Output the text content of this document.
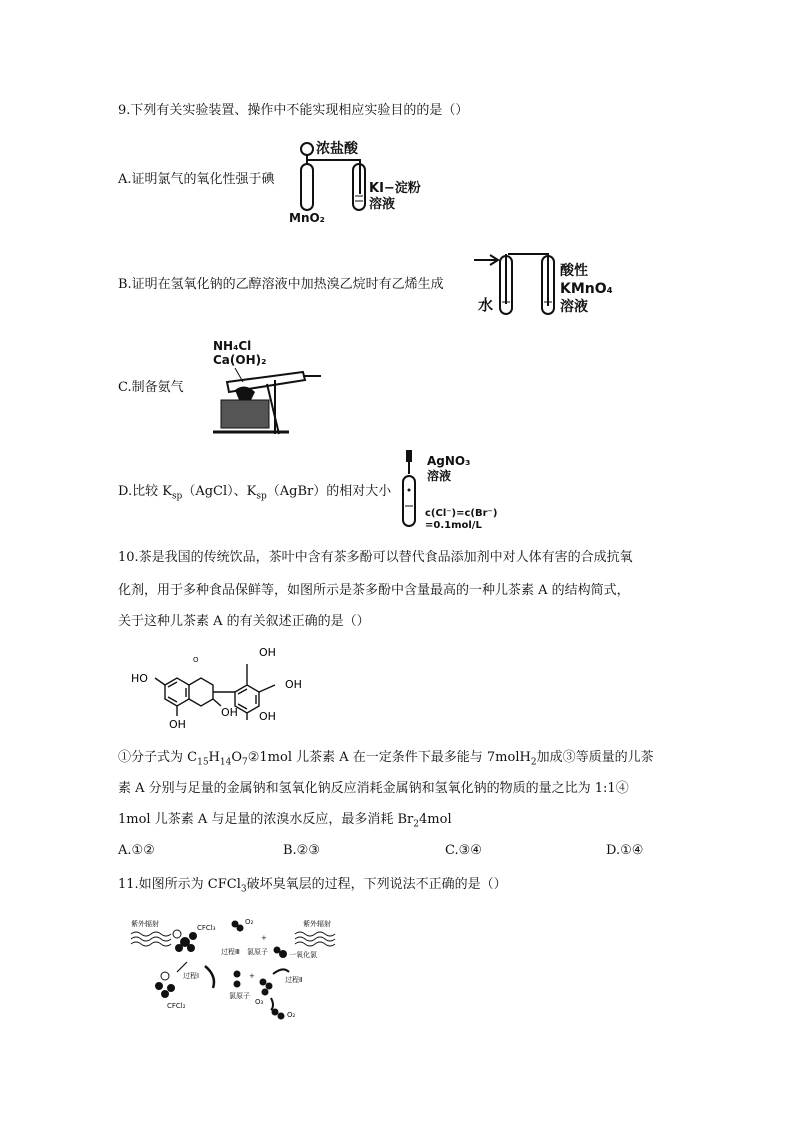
9.下列有关实验装置、操作中不能实现相应实验目的的是（）
A.证明氯气的氧化性强于碘
浓盐酸
MnO₂
KI−淀粉
溶液
B.证明在氢氧化钠的乙醇溶液中加热溴乙烷时有乙烯生成
水
酸性
KMnO₄
溶液
C.制备氨气
NH₄Cl
Ca(OH)₂
D.比较 $K_{sp}(AgCl)$、$K_{sp}(AgBr)$的相对大小
AgNO₃
溶液
c(Cl⁻)=c(Br⁻)
=0.1mol/L
10.茶是我国的传统饮品，茶叶中含有茶多酚可以替代食品添加剂中对人体有害的合成抗氧
化剂，用于多种食品保鲜等，如图所示是茶多酚中含量最高的一种儿茶素 A 的结构简式，
关于这种儿茶素 A 的有关叙述正确的是（）
O
HO
OH
OH
OH
OH
OH
①分子式为 $C_{15}H_{14}O_7②1mol$ 儿茶素 A 在一定条件下最多能与 7molH$_2$加成③等质量的儿茶
素 A 分别与足量的金属钠和氢氧化钠反应消耗金属钠和氢氧化钠的物质的量之比为 1:1④
1mol 儿茶素 A 与足量的浓溴水反应，最多消耗 $Br_24mol$
A.①②	B.②③	C.③④	D.①④
11.如图所示为 CFCl$_3$破坏臭氧层的过程，下列说法不正确的是（）
紫外辐射	紫外辐射
CFCl₃
O₂
+
过程Ⅲ 氯原子	一氧化氯
过程Ⅰ
CFCl₂
氯原子
+
O₃
过程Ⅱ
O₂
